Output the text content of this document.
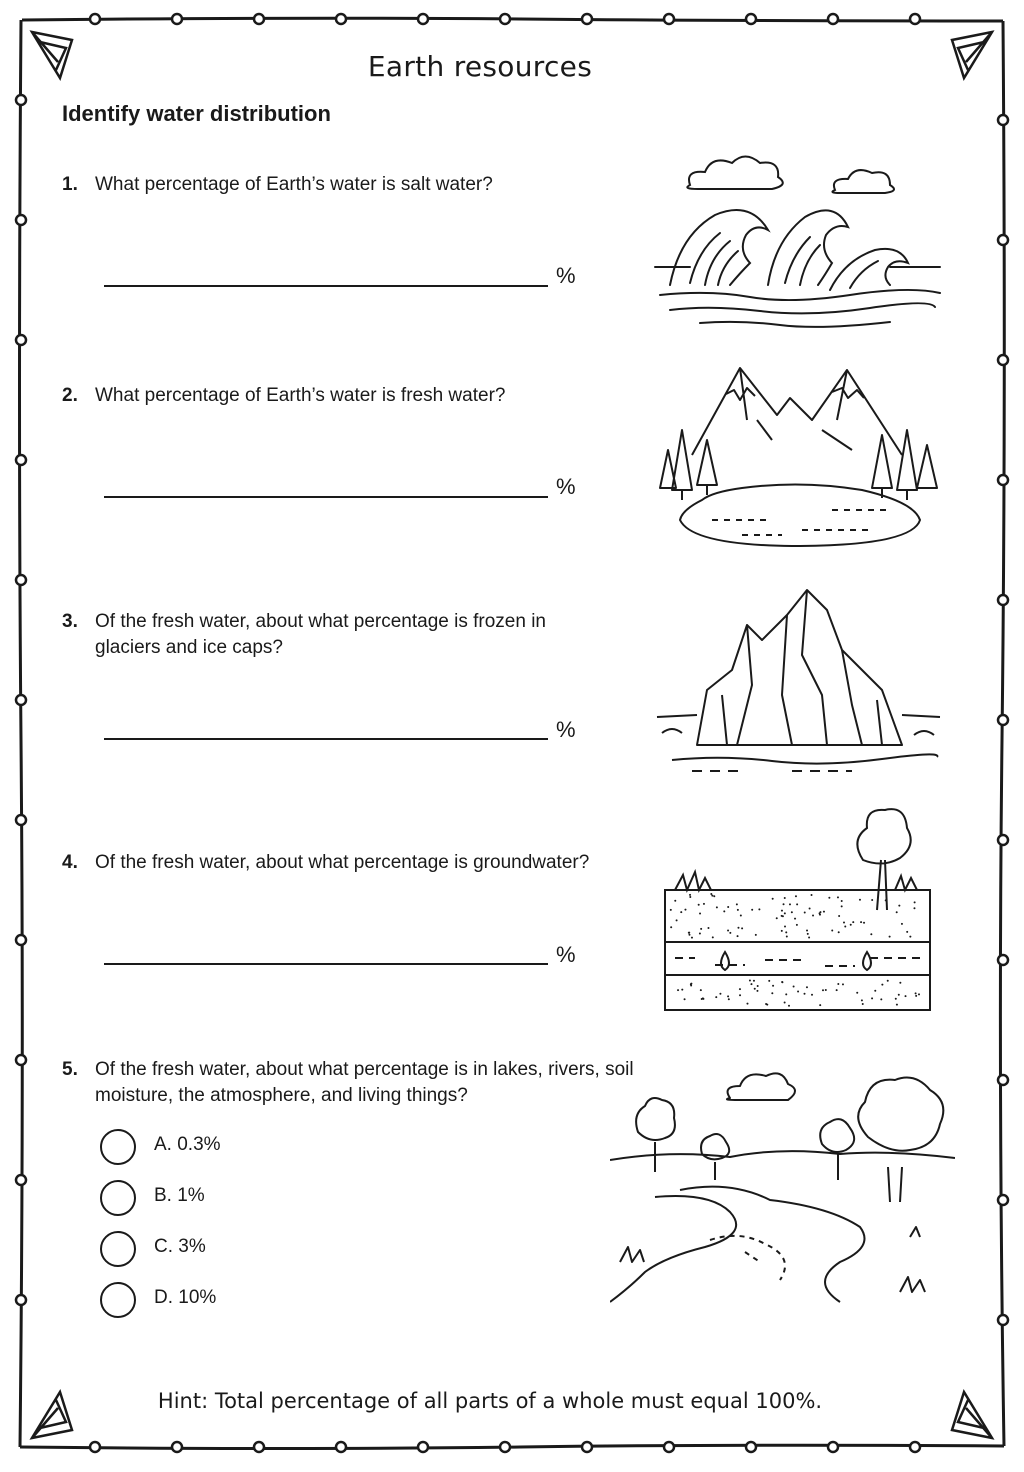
Earth resources
Identify water distribution
1. What percentage of Earth’s water is salt water?
%
2. What percentage of Earth’s water is fresh water?
%
3. Of the fresh water, about what percentage is frozen in glaciers and ice caps?
%
4. Of the fresh water, about what percentage is groundwater?
%
5. Of the fresh water, about what percentage is in lakes, rivers, soil moisture, the atmosphere, and living things?
A. 0.3%
B. 1%
C. 3%
D. 10%
Hint: Total percentage of all parts of a whole must equal 100%.
